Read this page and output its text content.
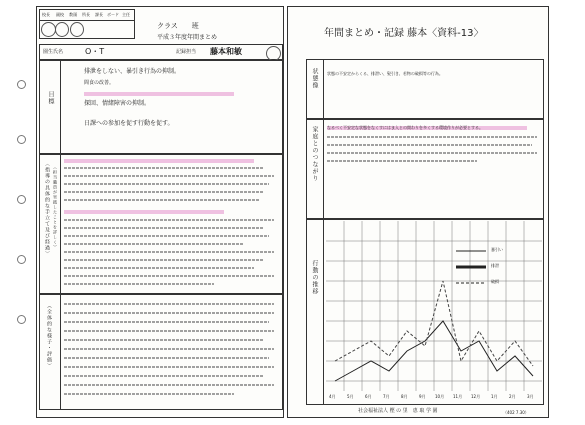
校長 副校 教頭 所長 課長 ボード 主任
クラス　　班
平成３年度年間まとめ
園生氏名	O・T	記録担当 藤本和敏
目標
排泄をしない、暴引き行為の抑制。
間食の改善。
探回、情緒障害の抑制。
日課への参加を促す行動を促す。
〈指導の具体的な手立て及び経過〉 （担当職員が実践したことを詳しく）
（全体的な様子・評価）
年間まとめ・記録 藤本〈資料-13〉
状態像 状態の不安定からくる、排泄い、髪引き、若物の破損等の行為。
家庭とのつながり なるべく不安定な状態をなくすにはま入との関わりを多くする環境作りが必要とする。
行動の推移
暴引い
排泄
破損
4月	5月	6月	7月	8月	9月 10月 11月 12月	1月	2月	3月
社会福祉法人 樫 の 里　恵 取 学 園	（402 7.30）
